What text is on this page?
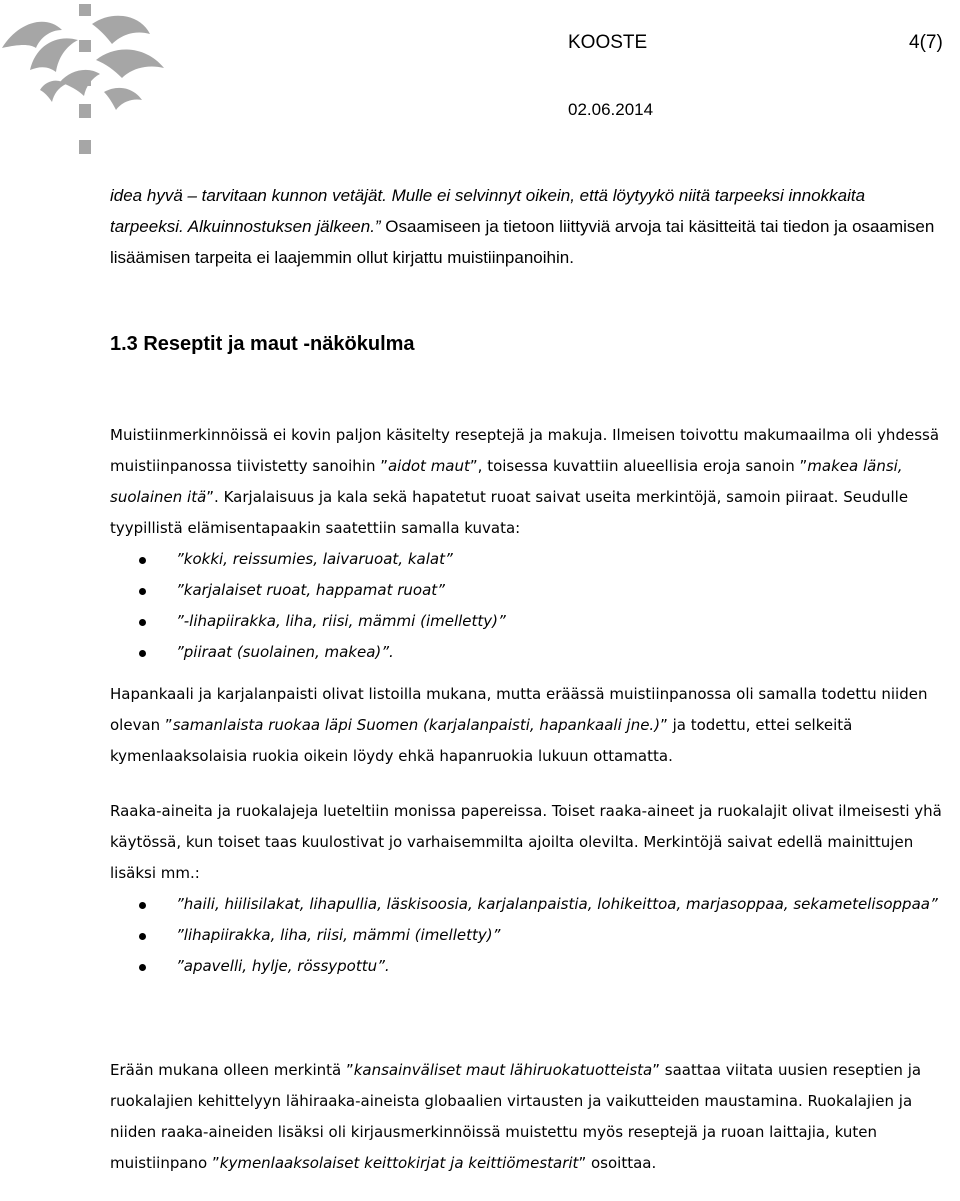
KOOSTE	4(7)
02.06.2014
idea hyvä – tarvitaan kunnon vetäjät. Mulle ei selvinnyt oikein, että löytyykö niitä tarpeeksi innokkaita tarpeeksi. Alkuinnostuksen jälkeen.” Osaamiseen ja tietoon liittyviä arvoja tai käsitteitä tai tiedon ja osaamisen lisäämisen tarpeita ei laajemmin ollut kirjattu muistiinpanoihin.
1.3 Reseptit ja maut -näkökulma

Muistiinmerkinnöissä ei kovin paljon käsitelty reseptejä ja makuja. Ilmeisen toivottu makumaailma oli yhdessä muistiinpanossa tiivistetty sanoihin ”aidot maut”, toisessa kuvattiin alueellisia eroja sanoin ”makea länsi, suolainen itä”. Karjalaisuus ja kala sekä hapatetut ruoat saivat useita merkintöjä, samoin piiraat. Seudulle tyypillistä elämisentapaakin saatettiin samalla kuvata:

”kokki, reissumies, laivaruoat, kalat”
”karjalaiset ruoat, happamat ruoat”
”-lihapiirakka, liha, riisi, mämmi (imelletty)”
”piiraat (suolainen, makea)”.

Hapankaali ja karjalanpaisti olivat listoilla mukana, mutta eräässä muistiinpanossa oli samalla todettu niiden olevan ”samanlaista ruokaa läpi Suomen (karjalanpaisti, hapankaali jne.)” ja todettu, ettei selkeitä kymenlaaksolaisia ruokia oikein löydy ehkä hapanruokia lukuun ottamatta.

Raaka-aineita ja ruokalajeja lueteltiin monissa papereissa. Toiset raaka-aineet ja ruokalajit olivat ilmeisesti yhä käytössä, kun toiset taas kuulostivat jo varhaisemmilta ajoilta olevilta. Merkintöjä saivat edellä mainittujen lisäksi mm.:

”haili, hiilisilakat, lihapullia, läskisoosia, karjalanpaistia, lohikeittoa, marjasoppaa, sekametelisoppaa”
”lihapiirakka, liha, riisi, mämmi (imelletty)”
”apavelli, hylje, rössypottu”.

Erään mukana olleen merkintä ”kansainväliset maut lähiruokatuotteista” saattaa viitata uusien reseptien ja ruokalajien kehittelyyn lähiraaka-aineista globaalien virtausten ja vaikutteiden maustamina. Ruokalajien ja niiden raaka-aineiden lisäksi oli kirjausmerkinnöissä muistettu myös reseptejä ja ruoan laittajia, kuten muistiinpano ”kymenlaaksolaiset keittokirjat ja keittiömestarit” osoittaa.
